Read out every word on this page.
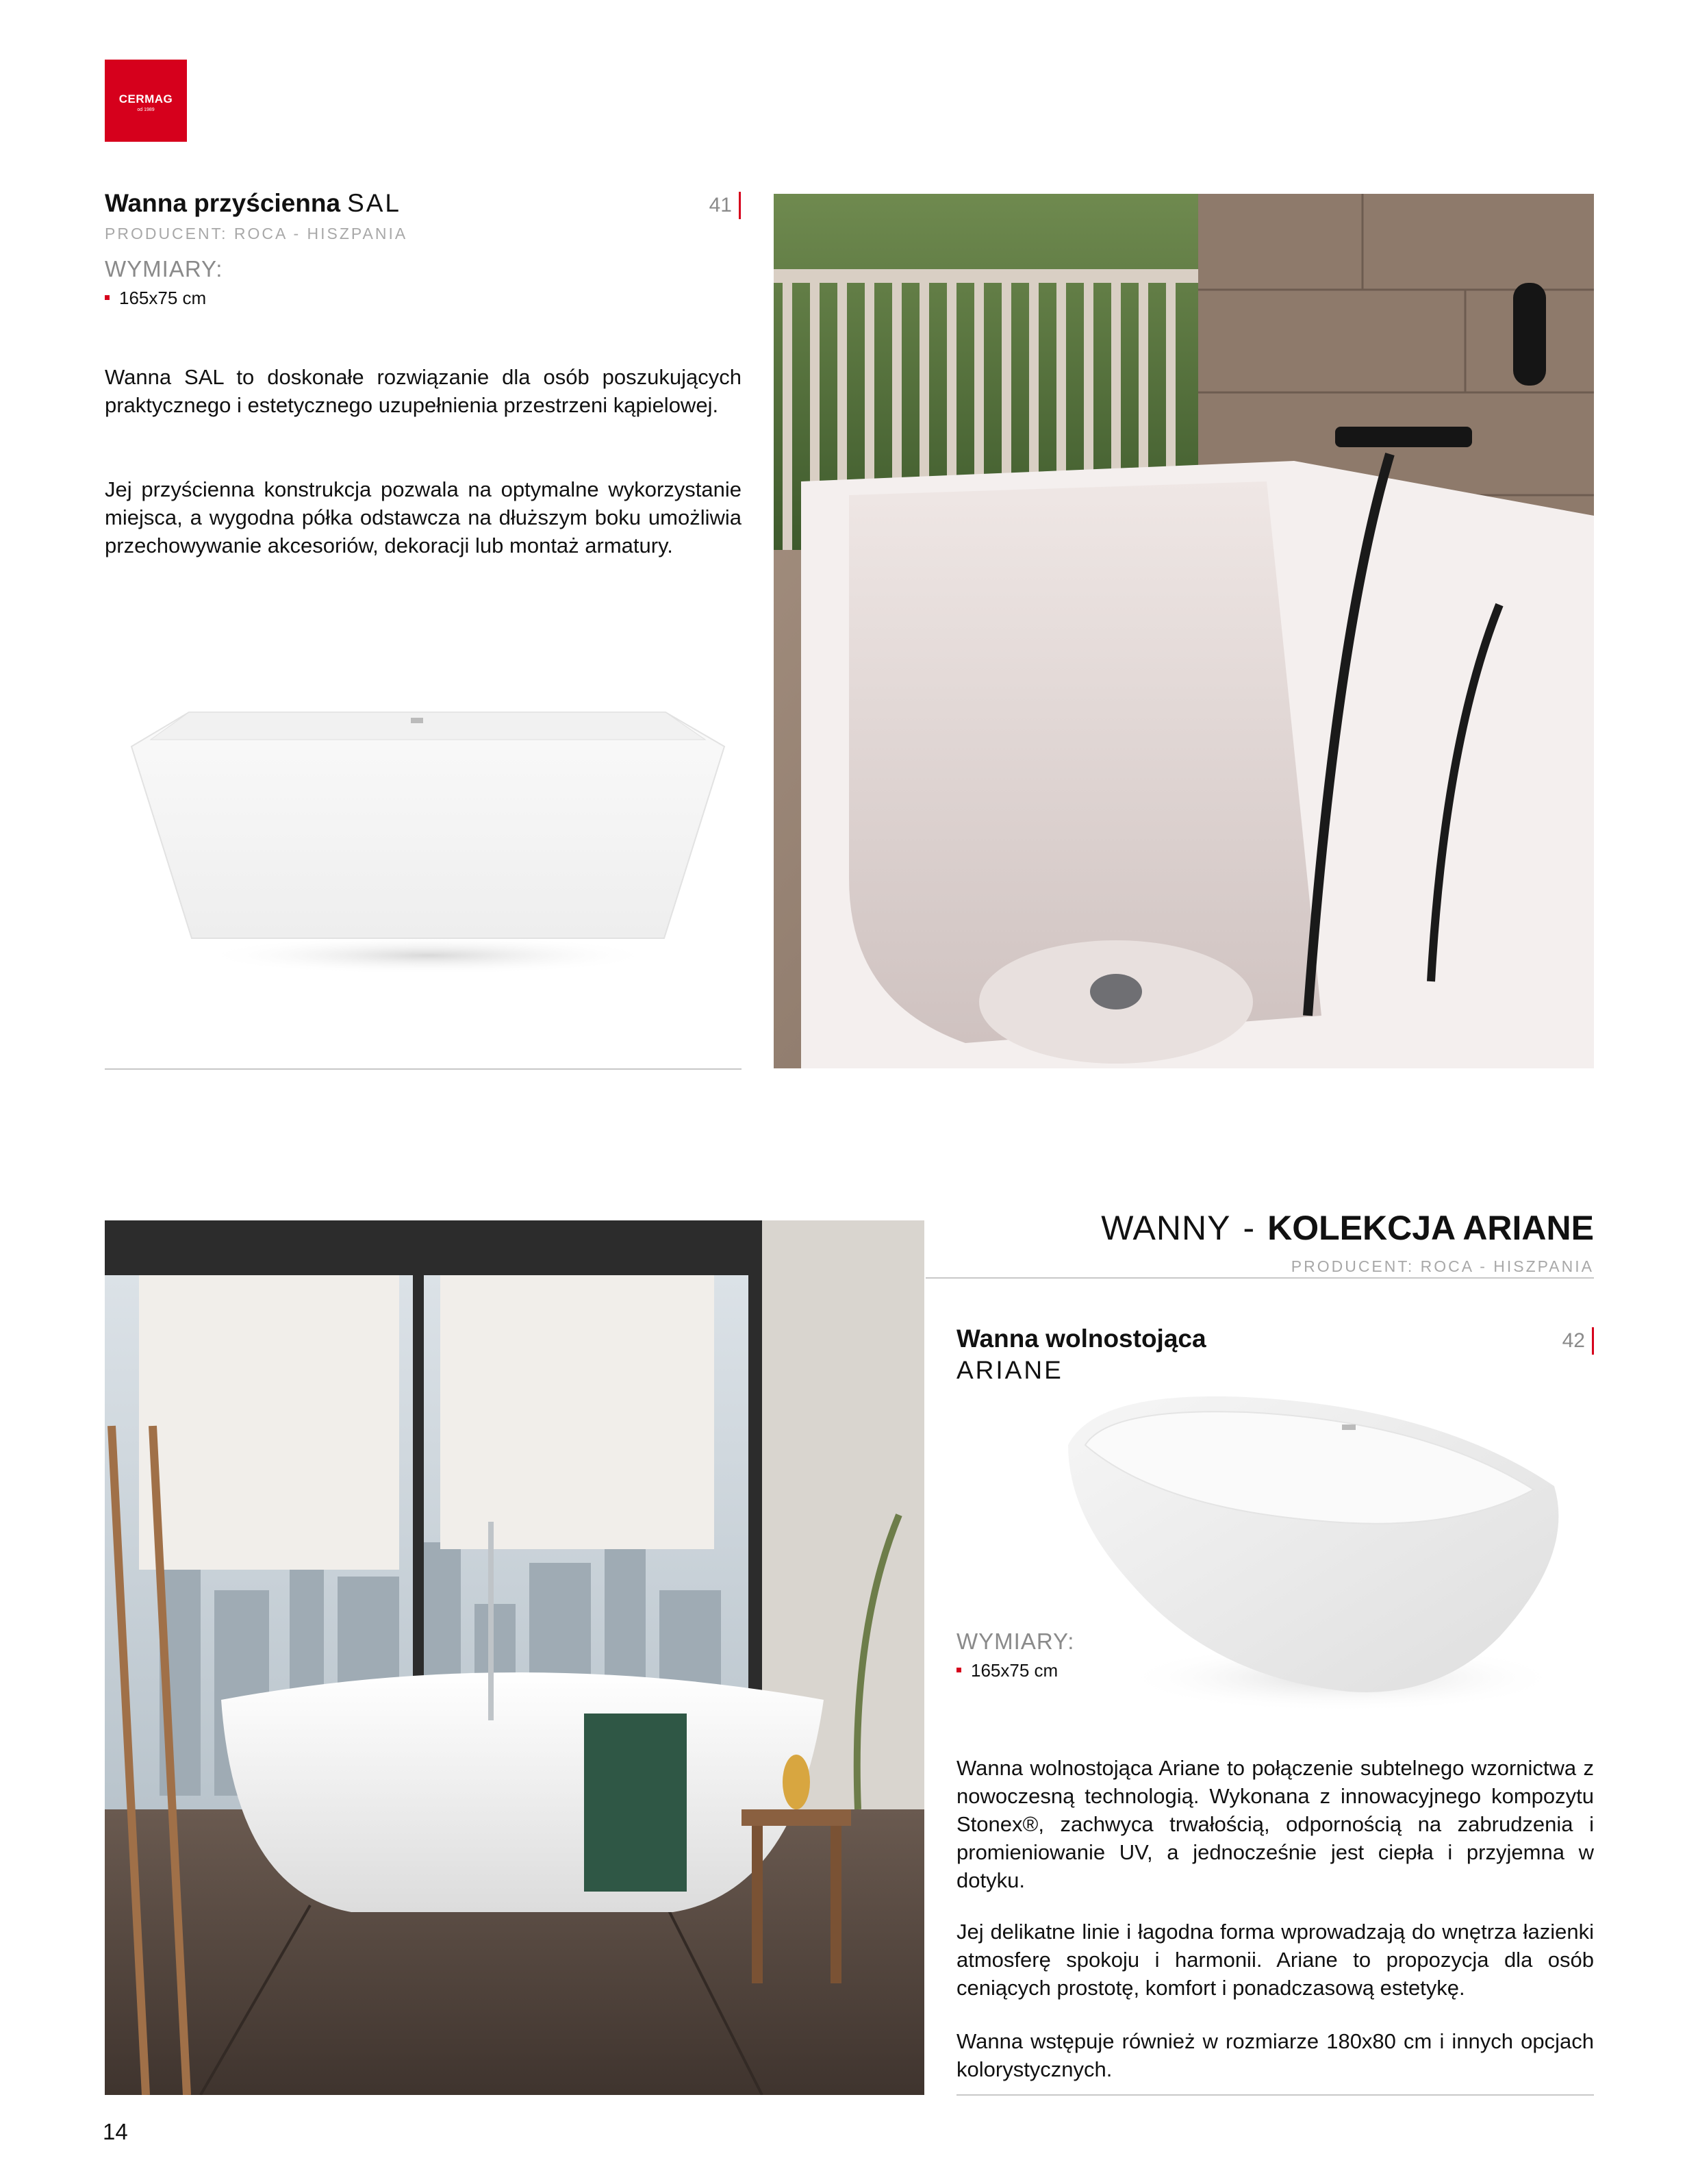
CERMAG
od 1989
Wanna przyścienna SAL	41
PRODUCENT: ROCA - HISZPANIA
WYMIARY:
165x75 cm
Wanna SAL to doskonałe rozwiązanie dla osób poszukujących praktycznego i estetycznego uzupełnienia przestrzeni kąpielowej.
Jej przyścienna konstrukcja pozwala na optymalne wykorzystanie miejsca, a wygodna półka odstawcza na dłuższym boku umożliwia przechowywanie akcesoriów, dekoracji lub montaż armatury.
WANNY - KOLEKCJA ARIANE
PRODUCENT: ROCA - HISZPANIA
Wanna wolnostojąca
ARIANE
42
WYMIARY:
165x75 cm
Wanna wolnostojąca Ariane to połączenie subtelnego wzornictwa z nowoczesną technologią. Wykonana z innowacyjnego kompozytu Stonex®, zachwyca trwałością, odpornością na zabrudzenia i promieniowanie UV, a jednocześnie jest ciepła i przyjemna w dotyku.
Jej delikatne linie i łagodna forma wprowadzają do wnętrza łazienki atmosferę spokoju i harmonii. Ariane to propozycja dla osób ceniących prostotę, komfort i ponadczasową estetykę.
Wanna wstępuje również w rozmiarze 180x80 cm i innych opcjach kolorystycznych.
14
